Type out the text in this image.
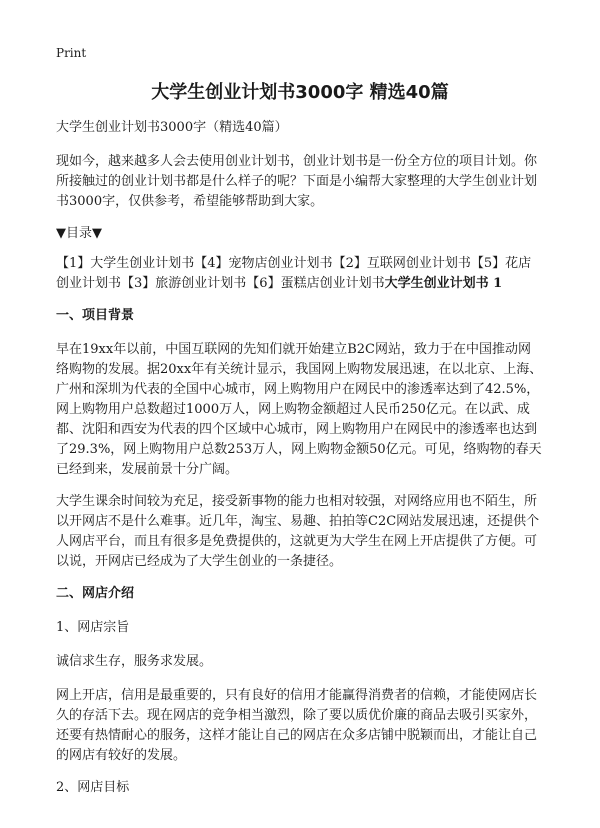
Print
大学生创业计划书3000字 精选40篇

大学生创业计划书3000字（精选40篇）

现如今，越来越多人会去使用创业计划书，创业计划书是一份全方位的项目计划。你所接触过的创业计划书都是什么样子的呢？下面是小编帮大家整理的大学生创业计划书3000字，仅供参考，希望能够帮助到大家。

▼目录▼

【1】大学生创业计划书【4】宠物店创业计划书【2】互联网创业计划书【5】花店创业计划书【3】旅游创业计划书【6】蛋糕店创业计划书大学生创业计划书 1

一、项目背景

早在19xx年以前，中国互联网的先知们就开始建立B2C网站，致力于在中国推动网络购物的发展。据20xx年有关统计显示，我国网上购物发展迅速，在以北京、上海、广州和深圳为代表的全国中心城市，网上购物用户在网民中的渗透率达到了42.5%，网上购物用户总数超过1000万人，网上购物金额超过人民币250亿元。在以武、成都、沈阳和西安为代表的四个区域中心城市，网上购物用户在网民中的渗透率也达到了29.3%，网上购物用户总数253万人，网上购物金额50亿元。可见，络购物的春天已经到来，发展前景十分广阔。

大学生课余时间较为充足，接受新事物的能力也相对较强，对网络应用也不陌生，所以开网店不是什么难事。近几年，淘宝、易趣、拍拍等C2C网站发展迅速，还提供个人网店平台，而且有很多是免费提供的，这就更为大学生在网上开店提供了方便。可以说，开网店已经成为了大学生创业的一条捷径。

二、网店介绍

1、网店宗旨

诚信求生存，服务求发展。

网上开店，信用是最重要的，只有良好的信用才能赢得消费者的信赖，才能使网店长久的存活下去。现在网店的竞争相当激烈，除了要以质优价廉的商品去吸引买家外，还要有热情耐心的服务，这样才能让自己的网店在众多店铺中脱颖而出，才能让自己的网店有较好的发展。

2、网店目标
